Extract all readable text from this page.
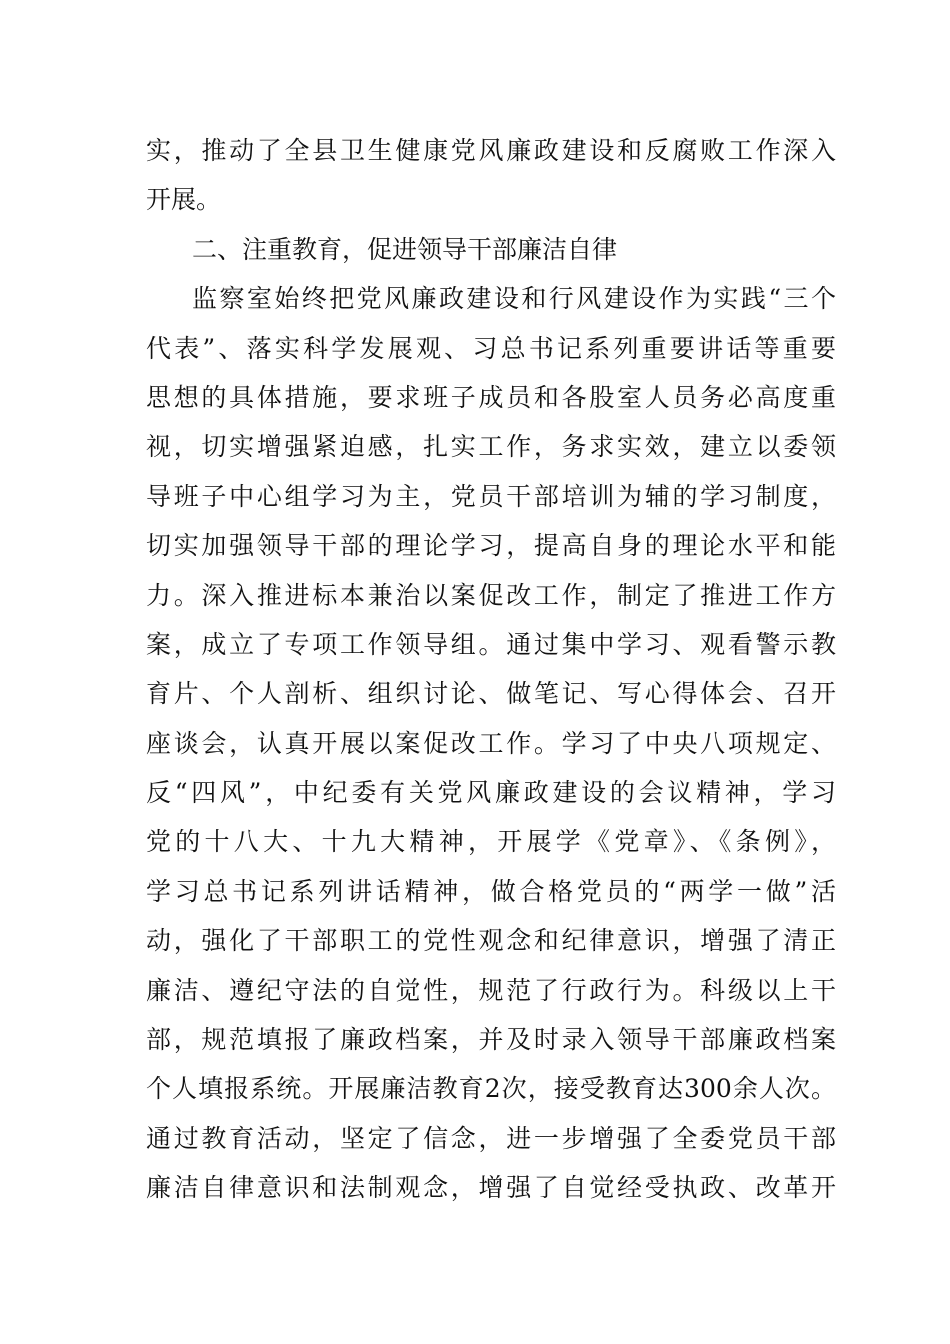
实，推动了全县卫生健康党风廉政建设和反腐败工作深入
开展。
二、注重教育，促进领导干部廉洁自律
监察室始终把党风廉政建设和行风建设作为实践“三个
代表”、落实科学发展观、习总书记系列重要讲话等重要
思想的具体措施，要求班子成员和各股室人员务必高度重
视，切实增强紧迫感，扎实工作，务求实效，建立以委领
导班子中心组学习为主，党员干部培训为辅的学习制度，
切实加强领导干部的理论学习，提高自身的理论水平和能
力。深入推进标本兼治以案促改工作，制定了推进工作方
案，成立了专项工作领导组。通过集中学习、观看警示教
育片、个人剖析、组织讨论、做笔记、写心得体会、召开
座谈会，认真开展以案促改工作。学习了中央八项规定、
反“四风”，中纪委有关党风廉政建设的会议精神，学习
党的十八大、十九大精神，开展学《党章》、《条例》，
学习总书记系列讲话精神，做合格党员的“两学一做”活
动，强化了干部职工的党性观念和纪律意识，增强了清正
廉洁、遵纪守法的自觉性，规范了行政行为。科级以上干
部，规范填报了廉政档案，并及时录入领导干部廉政档案
个人填报系统。开展廉洁教育2次，接受教育达300余人次。
通过教育活动，坚定了信念，进一步增强了全委党员干部
廉洁自律意识和法制观念，增强了自觉经受执政、改革开
